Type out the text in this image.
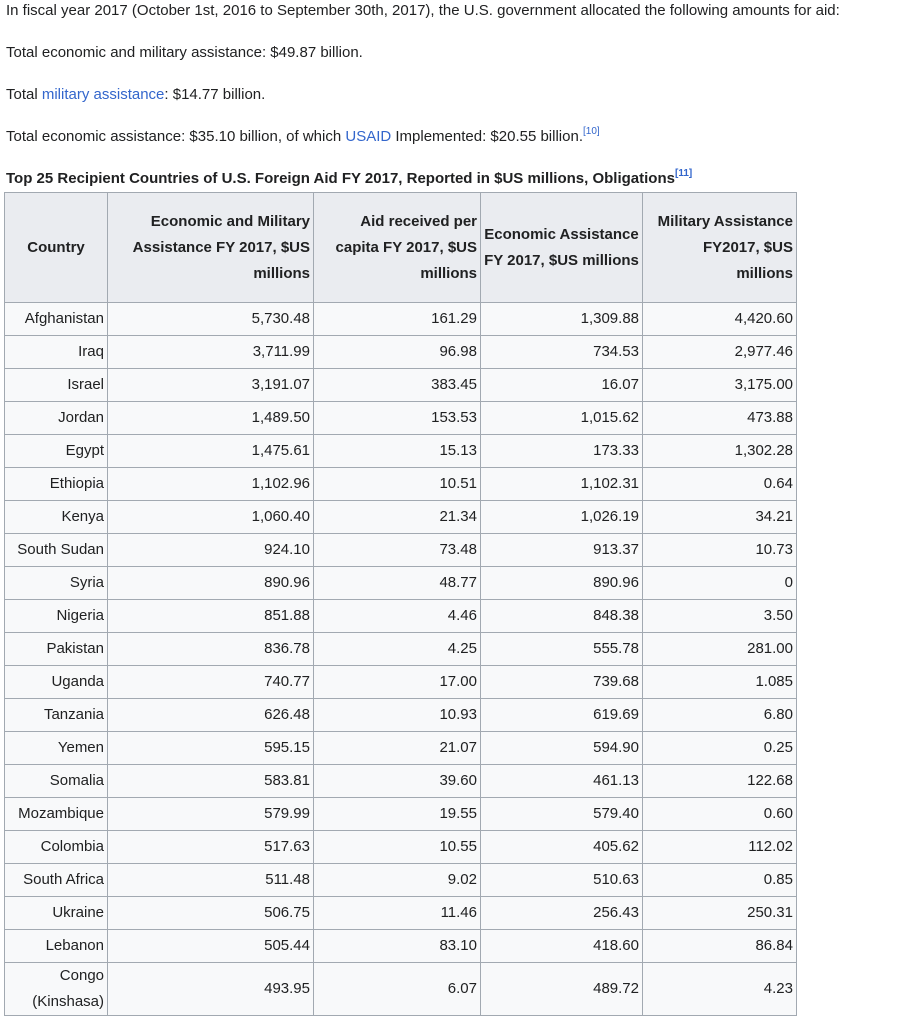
In fiscal year 2017 (October 1st, 2016 to September 30th, 2017), the U.S. government allocated the following amounts for aid:

Total economic and military assistance: $49.87 billion.

Total military assistance: $14.77 billion.

Total economic assistance: $35.10 billion, of which USAID Implemented: $20.55 billion.[10]

Top 25 Recipient Countries of U.S. Foreign Aid FY 2017, Reported in $US millions, Obligations[11]
Country	Economic and Military Assistance FY 2017, $US millions	Aid received per capita FY 2017, $US millions	Economic Assistance FY 2017, $US millions	Military Assistance FY2017, $US millions
Afghanistan	5,730.48	161.29	1,309.88	4,420.60
Iraq	3,711.99	96.98	734.53	2,977.46
Israel	3,191.07	383.45	16.07	3,175.00
Jordan	1,489.50	153.53	1,015.62	473.88
Egypt	1,475.61	15.13	173.33	1,302.28
Ethiopia	1,102.96	10.51	1,102.31	0.64
Kenya	1,060.40	21.34	1,026.19	34.21
South Sudan	924.10	73.48	913.37	10.73
Syria	890.96	48.77	890.96	0
Nigeria	851.88	4.46	848.38	3.50
Pakistan	836.78	4.25	555.78	281.00
Uganda	740.77	17.00	739.68	1.085
Tanzania	626.48	10.93	619.69	6.80
Yemen	595.15	21.07	594.90	0.25
Somalia	583.81	39.60	461.13	122.68
Mozambique	579.99	19.55	579.40	0.60
Colombia	517.63	10.55	405.62	112.02
South Africa	511.48	9.02	510.63	0.85
Ukraine	506.75	11.46	256.43	250.31
Lebanon	505.44	83.10	418.60	86.84
Congo (Kinshasa)	493.95	6.07	489.72	4.23
